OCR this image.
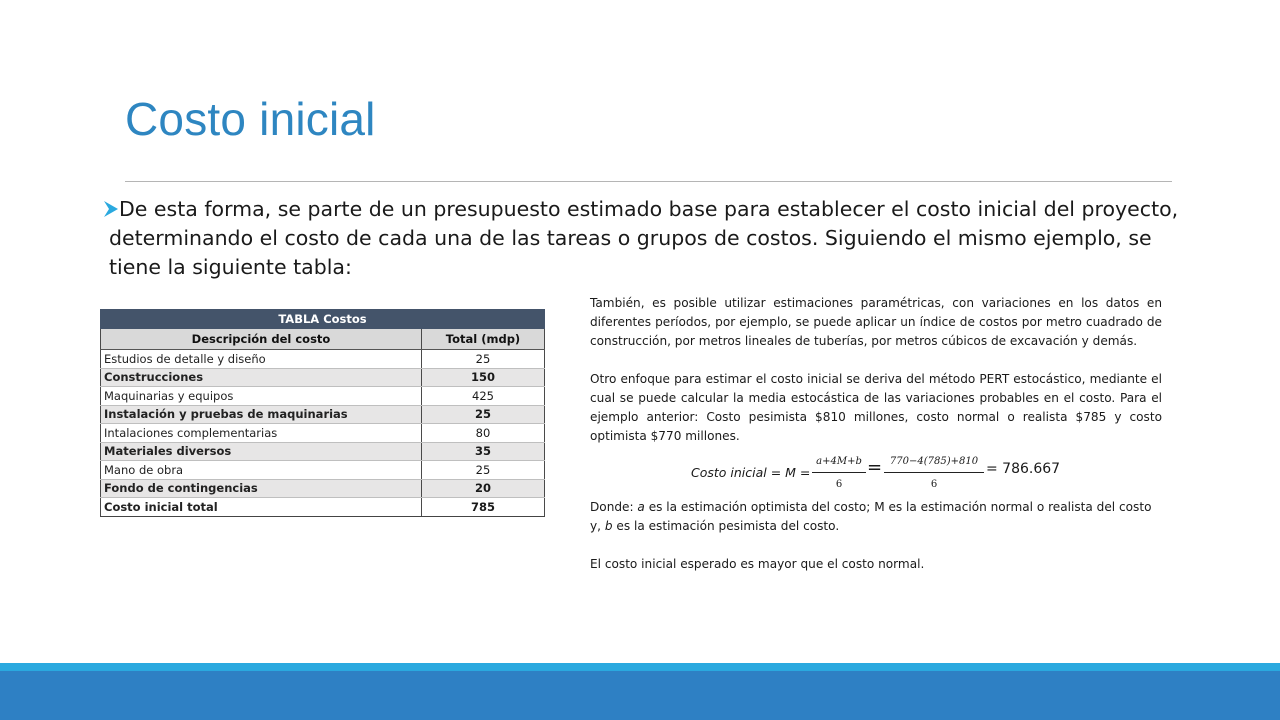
Costo inicial
De esta forma, se parte de un presupuesto estimado base para establecer el costo inicial del proyecto,
determinando el costo de cada una de las tareas o grupos de costos. Siguiendo el mismo ejemplo, se
tiene la siguiente tabla:
TABLA Costos	
Descripción del costo	Total (mdp)
Estudios de detalle y diseño	25
Construcciones	150
Maquinarias y equipos	425
Instalación y pruebas de maquinarias	25
Intalaciones complementarias	80
Materiales diversos	35
Mano de obra	25
Fondo de contingencias	20
Costo inicial total	785

También, es posible utilizar estimaciones paramétricas, con variaciones en los datos en diferentes períodos, por ejemplo, se puede aplicar un índice de costos por metro cuadrado de construcción, por metros lineales de tuberías, por metros cúbicos de excavación y demás.

Otro enfoque para estimar el costo inicial se deriva del método PERT estocástico, mediante el cual se puede calcular la media estocástica de las variaciones probables en el costo. Para el ejemplo anterior: Costo pesimista $810 millones, costo normal o realista $785 y costo optimista $770 millones.

Costo inicial = $M = \frac{a+4M+b}{6} = \frac{770-4(785)+810}{6} = 786.667$

Donde: a es la estimación optimista del costo; M es la estimación normal o realista del costo y, b es la estimación pesimista del costo.

El costo inicial esperado es mayor que el costo normal.
